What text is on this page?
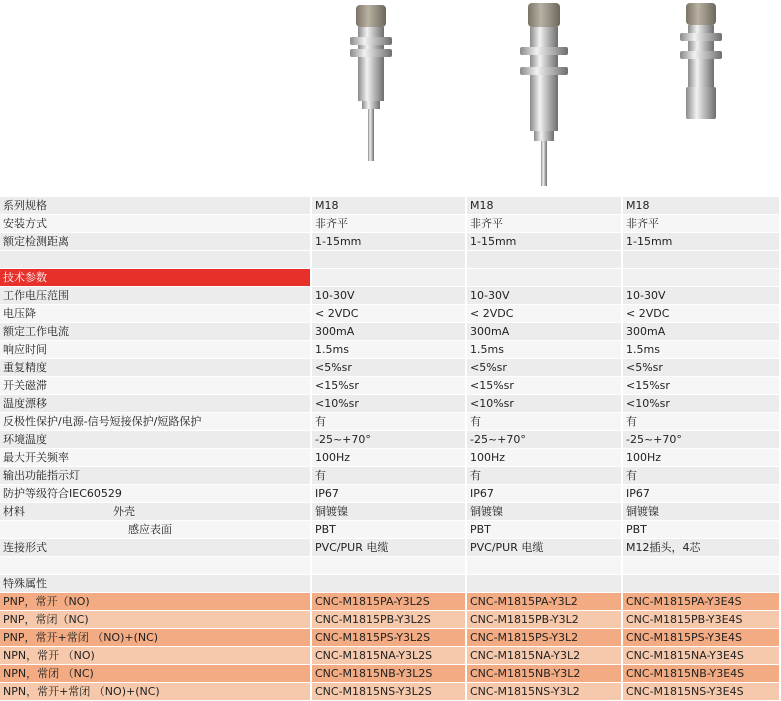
系列规格	M18	M18	M18
安装方式	非齐平	非齐平	非齐平
额定检测距离	1-15mm	1-15mm	1-15mm

技术参数			
工作电压范围	10-30V	10-30V	10-30V
电压降	< 2VDC	< 2VDC	< 2VDC
额定工作电流	300mA	300mA	300mA
响应时间	1.5ms	1.5ms	1.5ms
重复精度	<5%sr	<5%sr	<5%sr
开关磁滞	<15%sr	<15%sr	<15%sr
温度漂移	<10%sr	<10%sr	<10%sr
反极性保护/电源-信号短接保护/短路保护	有	有	有
环境温度	-25~+70°	-25~+70°	-25~+70°
最大开关频率	100Hz	100Hz	100Hz
输出功能指示灯	有	有	有
防护等级符合IEC60529	IP67	IP67	IP67

材料 外壳	铜镀镍	铜镀镍	铜镀镍
感应表面	PBT	PBT	PBT
连接形式	PVC/PUR 电缆	PVC/PUR 电缆	M12插头，4芯

特殊属性			
PNP，常开（NO)	CNC-M1815PA-Y3L2S	CNC-M1815PA-Y3L2	CNC-M1815PA-Y3E4S
PNP，常闭（NC)	CNC-M1815PB-Y3L2S	CNC-M1815PB-Y3L2	CNC-M1815PB-Y3E4S
PNP，常开+常闭 （NO)+(NC)	CNC-M1815PS-Y3L2S	CNC-M1815PS-Y3L2	CNC-M1815PS-Y3E4S
NPN，常开 （NO)	CNC-M1815NA-Y3L2S	CNC-M1815NA-Y3L2	CNC-M1815NA-Y3E4S
NPN，常闭 （NC)	CNC-M1815NB-Y3L2S	CNC-M1815NB-Y3L2	CNC-M1815NB-Y3E4S
NPN，常开+常闭 （NO)+(NC)	CNC-M1815NS-Y3L2S	CNC-M1815NS-Y3L2	CNC-M1815NS-Y3E4S
